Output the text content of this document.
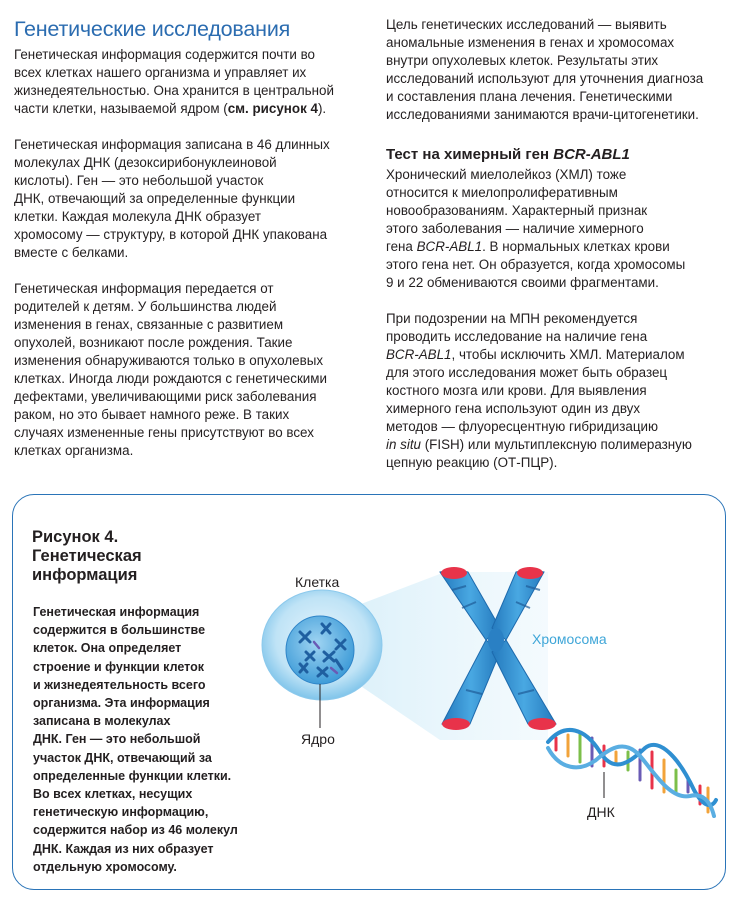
Генетические исследования

Генетическая информация содержится почти во
всех клетках нашего организма и управляет их
жизнедеятельностью. Она хранится в центральной
части клетки, называемой ядром (см. рисунок 4).

Генетическая информация записана в 46 длинных
молекулах ДНК (дезоксирибонуклеиновой
кислоты). Ген — это небольшой участок
ДНК, отвечающий за определенные функции
клетки. Каждая молекула ДНК образует
хромосому — структуру, в которой ДНК упакована
вместе с белками.

Генетическая информация передается от
родителей к детям. У большинства людей
изменения в генах, связанные с развитием
опухолей, возникают после рождения. Такие
изменения обнаруживаются только в опухолевых
клетках. Иногда люди рождаются с генетическими
дефектами, увеличивающими риск заболевания
раком, но это бывает намного реже. В таких
случаях измененные гены присутствуют во всех
клетках организма.

Цель генетических исследований — выявить
аномальные изменения в генах и хромосомах
внутри опухолевых клеток. Результаты этих
исследований используют для уточнения диагноза
и составления плана лечения. Генетическими
исследованиями занимаются врачи-цитогенетики.

Тест на химерный ген BCR-ABL1

Хронический миелолейкоз (ХМЛ) тоже
относится к миелопролиферативным
новообразованиям. Характерный признак
этого заболевания — наличие химерного
гена BCR-ABL1. В нормальных клетках крови
этого гена нет. Он образуется, когда хромосомы
9 и 22 обмениваются своими фрагментами.

При подозрении на МПН рекомендуется
проводить исследование на наличие гена
BCR-ABL1, чтобы исключить ХМЛ. Материалом
для этого исследования может быть образец
костного мозга или крови. Для выявления
химерного гена используют один из двух
методов — флуоресцентную гибридизацию
in situ (FISH) или мультиплексную полимеразную
цепную реакцию (ОТ-ПЦР).

Рисунок 4.
Генетическая
информация

Генетическая информация
содержится в большинстве
клеток. Она определяет
строение и функции клеток
и жизнедеятельность всего
организма. Эта информация
записана в молекулах
ДНК. Ген — это небольшой
участок ДНК, отвечающий за
определенные функции клетки.
Во всех клетках, несущих
генетическую информацию,
содержится набор из 46 молекул
ДНК. Каждая из них образует
отдельную хромосому.

Клетка
Ядро
Хромосома
ДНК
